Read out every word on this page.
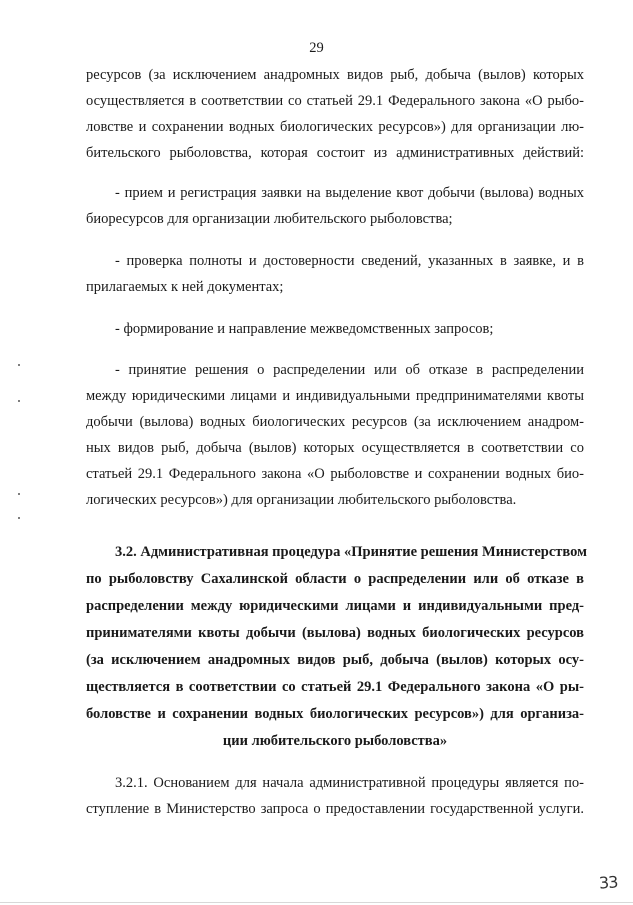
29
ресурсов (за исключением анадромных видов рыб, добыча (вылов) которых
осуществляется в соответствии со статьей 29.1 Федерального закона «О рыбо-
ловстве и сохранении водных биологических ресурсов») для организации лю-
бительского рыболовства, которая состоит из административных действий:
- прием и регистрация заявки на выделение квот добычи (вылова) водных
биоресурсов для организации любительского рыболовства;
- проверка полноты и достоверности сведений, указанных в заявке, и в
прилагаемых к ней документах;
- формирование и направление межведомственных запросов;
- принятие решения о распределении или об отказе в распределении
между юридическими лицами и индивидуальными предпринимателями квоты
добычи (вылова) водных биологических ресурсов (за исключением анадром-
ных видов рыб, добыча (вылов) которых осуществляется в соответствии со
статьей 29.1 Федерального закона «О рыболовстве и сохранении водных био-
логических ресурсов») для организации любительского рыболовства.
3.2. Административная процедура «Принятие решения Министерством
по рыболовству Сахалинской области о распределении или об отказе в
распределении между юридическими лицами и индивидуальными пред-
принимателями квоты добычи (вылова) водных биологических ресурсов
(за исключением анадромных видов рыб, добыча (вылов) которых осу-
ществляется в соответствии со статьей 29.1 Федерального закона «О ры-
боловстве и сохранении водных биологических ресурсов») для организа-
ции любительского рыболовства»
3.2.1. Основанием для начала административной процедуры является по-
ступление в Министерство запроса о предоставлении государственной услуги.
33
